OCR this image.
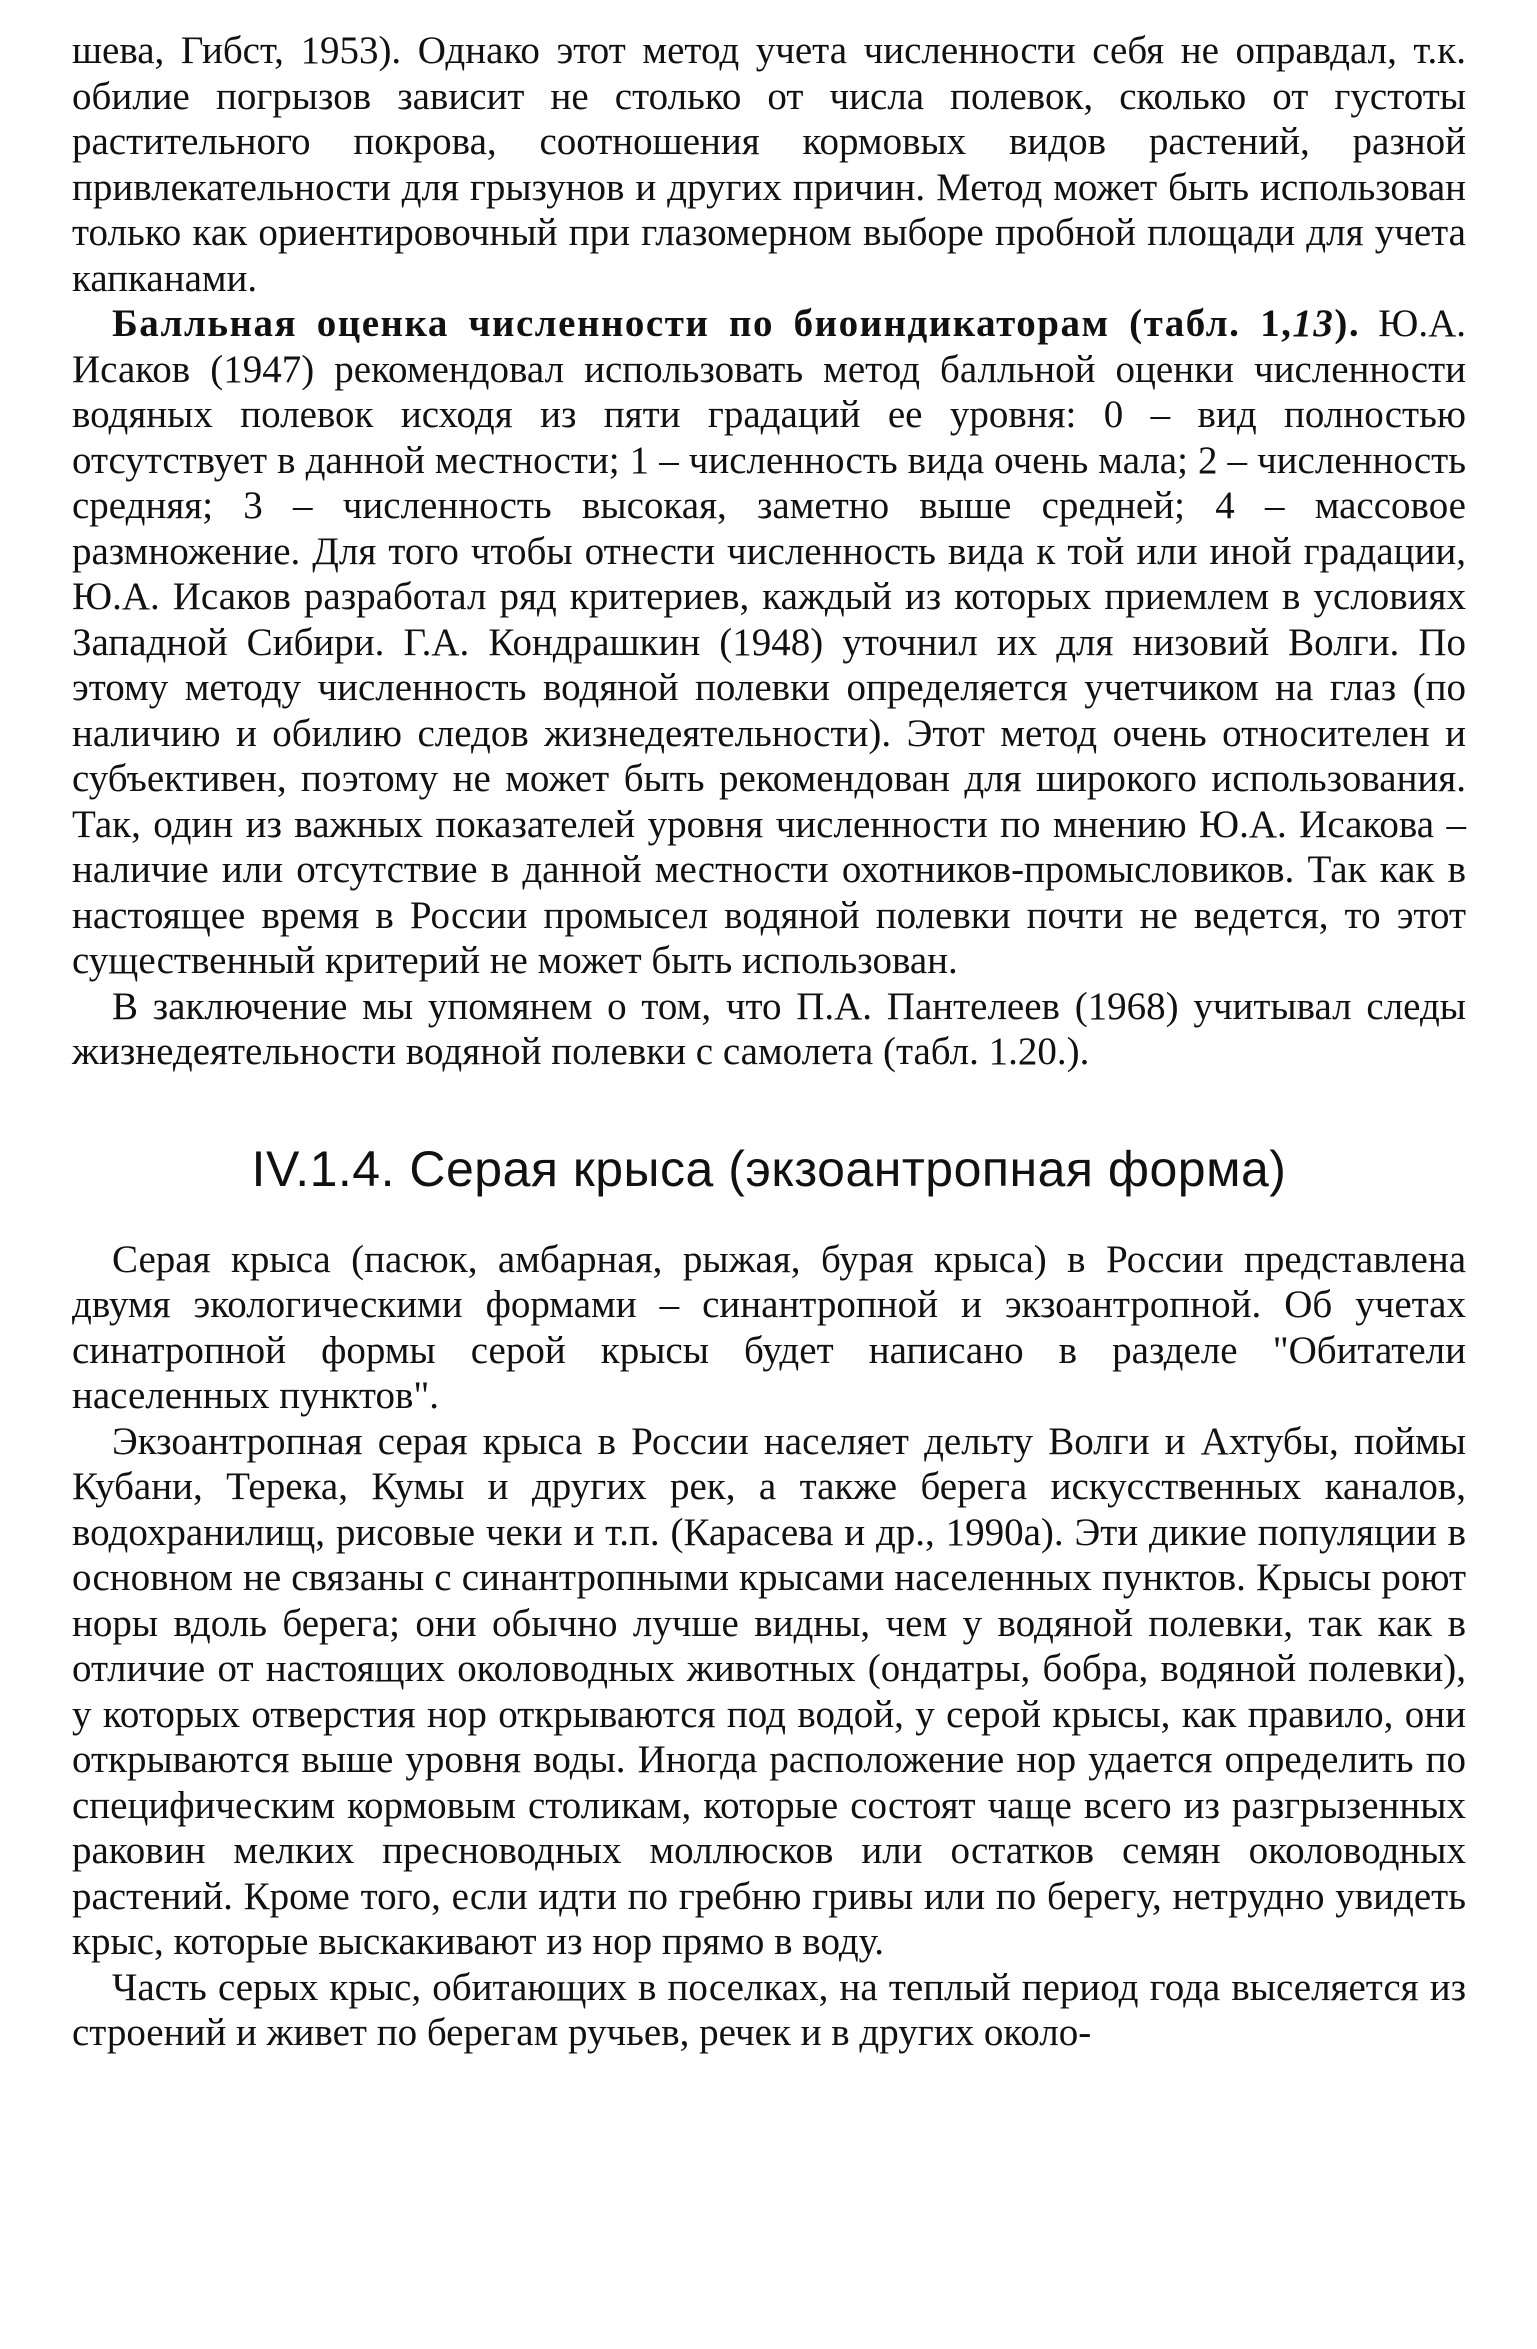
шева, Гибст, 1953). Однако этот метод учета численности себя не оправдал, т.к. обилие погрызов зависит не столько от числа полевок, сколько от густоты растительного покрова, соотношения кормовых видов растений, разной привлекательности для грызунов и других причин. Метод может быть использован только как ориентировочный при глазомерном выборе пробной площади для учета капканами.

Балльная оценка численности по биоиндикаторам (табл. 1,13). Ю.А. Исаков (1947) рекомендовал использовать метод балльной оценки численности водяных полевок исходя из пяти градаций ее уровня: 0 – вид полностью отсутствует в данной местности; 1 – численность вида очень мала; 2 – численность средняя; 3 – численность высокая, заметно выше средней; 4 – массовое размножение. Для того чтобы отнести численность вида к той или иной градации, Ю.А. Исаков разработал ряд критериев, каждый из которых приемлем в условиях Западной Сибири. Г.А. Кондрашкин (1948) уточнил их для низовий Волги. По этому методу численность водяной полевки определяется учетчиком на глаз (по наличию и обилию следов жизнедеятельности). Этот метод очень относителен и субъективен, поэтому не может быть рекомендован для широкого использования. Так, один из важных показателей уровня численности по мнению Ю.А. Исакова – наличие или отсутствие в данной местности охотников-промысловиков. Так как в настоящее время в России промысел водяной полевки почти не ведется, то этот существенный критерий не может быть использован.

В заключение мы упомянем о том, что П.А. Пантелеев (1968) учитывал следы жизнедеятельности водяной полевки с самолета (табл. 1.20.).

IV.1.4. Серая крыса (экзоантропная форма)

Серая крыса (пасюк, амбарная, рыжая, бурая крыса) в России представлена двумя экологическими формами – синантропной и экзоантропной. Об учетах синатропной формы серой крысы будет написано в разделе "Обитатели населенных пунктов".

Экзоантропная серая крыса в России населяет дельту Волги и Ахтубы, поймы Кубани, Терека, Кумы и других рек, а также берега искусственных каналов, водохранилищ, рисовые чеки и т.п. (Карасева и др., 1990а). Эти дикие популяции в основном не связаны с синантропными крысами населенных пунктов. Крысы роют норы вдоль берега; они обычно лучше видны, чем у водяной полевки, так как в отличие от настоящих околоводных животных (ондатры, бобра, водяной полевки), у которых отверстия нор открываются под водой, у серой крысы, как правило, они открываются выше уровня воды. Иногда расположение нор удается определить по специфическим кормовым столикам, которые состоят чаще всего из разгрызенных раковин мелких пресноводных моллюсков или остатков семян околоводных растений. Кроме того, если идти по гребню гривы или по берегу, нетрудно увидеть крыс, которые выскакивают из нор прямо в воду.

Часть серых крыс, обитающих в поселках, на теплый период года выселяется из строений и живет по берегам ручьев, речек и в других около-
